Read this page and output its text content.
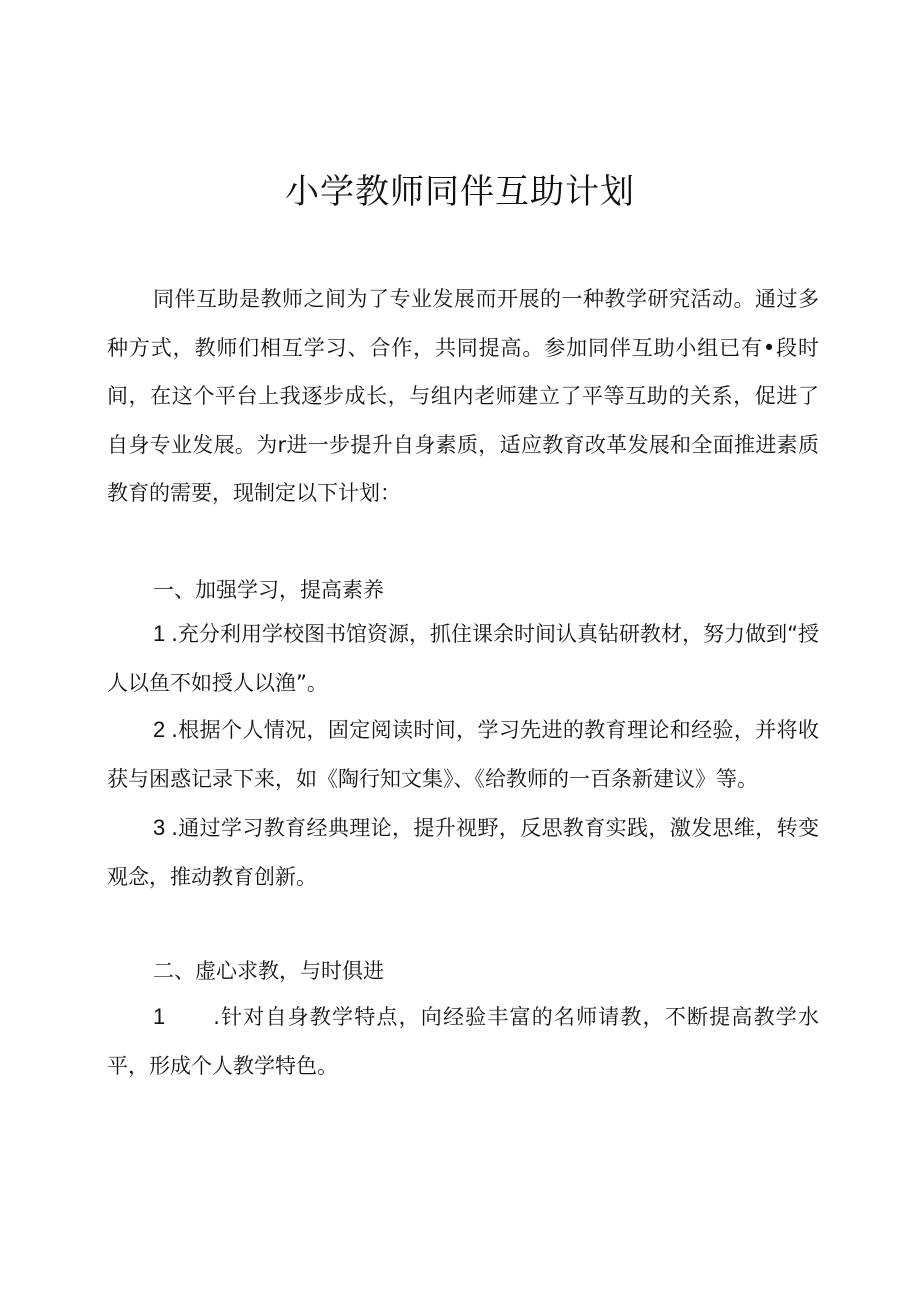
小学教师同伴互助计划

同伴互助是教师之间为了专业发展而开展的一种教学研究活动。通过多种方式，教师们相互学习、合作，共同提高。参加同伴互助小组已有•段时间，在这个平台上我逐步成长，与组内老师建立了平等互助的关系，促进了自身专业发展。为r进一步提升自身素质，适应教育改革发展和全面推进素质教育的需要，现制定以下计划：

一、加强学习，提高素养

1 .充分利用学校图书馆资源，抓住课余时间认真钻研教材，努力做到“授人以鱼不如授人以渔”。

2 .根据个人情况，固定阅读时间，学习先进的教育理论和经验，并将收获与困惑记录下来，如《陶行知文集》、《给教师的一百条新建议》等。

3 .通过学习教育经典理论，提升视野，反思教育实践，激发思维，转变观念，推动教育创新。

二、虚心求教，与时俱进

1 .针对自身教学特点，向经验丰富的名师请教，不断提高教学水平，形成个人教学特色。
